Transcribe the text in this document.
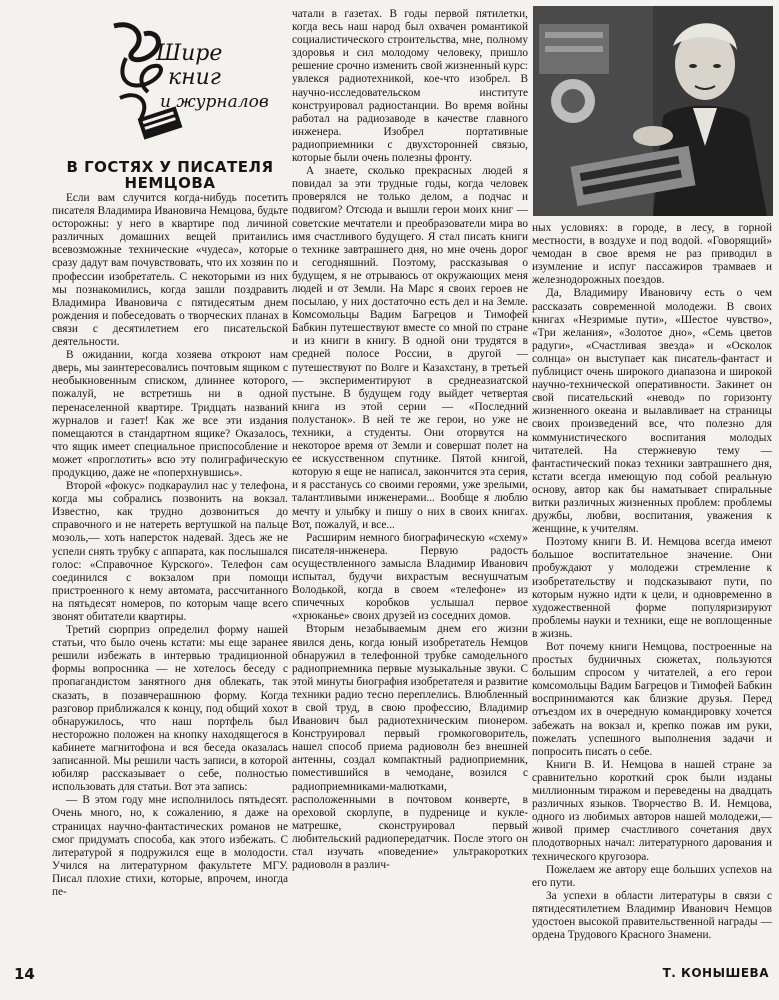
Шире
книг
и журналов
В ГОСТЯХ У ПИСАТЕЛЯ
НЕМЦОВА

Если вам случится когда-нибудь посетить писателя Владимира Ивановича Немцова, будьте осторожны: у него в квартире под личиной различных домашних вещей притаились всевозможные технические «чудеса», которые сразу дадут вам почувствовать, что их хозяин по профессии изобретатель. С некоторыми из них мы познакомились, когда зашли поздравить Владимира Ивановича с пятидесятым днем рождения и побеседовать о творческих планах в связи с десятилетием его писательской деятельности.

В ожидании, когда хозяева откроют нам дверь, мы заинтересовались почтовым ящиком с необыкновенным списком, длиннее которого, пожалуй, не встретишь ни в одной перенаселенной квартире. Тридцать названий журналов и газет! Как же все эти издания помещаются в стандартном ящике? Оказалось, что ящик имеет специальное приспособление и может «проглотить» всю эту полиграфическую продукцию, даже не «поперхнувшись».

Второй «фокус» подкараулил нас у телефона, когда мы собрались позвонить на вокзал. Известно, как трудно дозвониться до справочного и не натереть вертушкой на пальце мозоль,— хоть наперсток надевай. Здесь же не успели снять трубку с аппарата, как послышался голос: «Справочное Курского». Телефон сам соединился с вокзалом при помощи пристроенного к нему автомата, рассчитанного на пятьдесят номеров, по которым чаще всего звонят обитатели квартиры.

Третий сюрприз определил форму нашей статьи, что было очень кстати: мы еще заранее решили избежать в интервью традиционной формы вопросника — не хотелось беседу с пропагандистом занятного дня облекать, так сказать, в позавчерашнюю форму. Когда разговор приближался к концу, под общий хохот обнаружилось, что наш портфель был несторожно положен на кнопку находящегося в кабинете магнитофона и вся беседа оказалась записанной. Мы решили часть записи, в которой юбиляр рассказывает о себе, полностью использовать для статьи. Вот эта запись:

— В этом году мне исполнилось пятьдесят. Очень много, но, к сожалению, я даже на страницах научно-фантастических романов не смог придумать способа, как этого избежать. С литературой я подружился еще в молодости. Учился на литературном факультете МГУ. Писал плохие стихи, которые, впрочем, иногда пе-

чатали в газетах. В годы первой пятилетки, когда весь наш народ был охвачен романтикой социалистического строительства, мне, полному здоровья и сил молодому человеку, пришло решение срочно изменить свой жизненный курс: увлекся радиотехникой, кое-что изобрел. В научно-исследовательском институте конструировал радиостанции. Во время войны работал на радиозаводе в качестве главного инженера. Изобрел портативные радиоприемники с двухсторонней связью, которые были очень полезны фронту.

А знаете, сколько прекрасных людей я повидал за эти трудные годы, когда человек проверялся не только делом, а подчас и подвигом? Отсюда и вышли герои моих книг — советские мечтатели и преобразователи мира во имя счастливого будущего. Я стал писать книги о технике завтрашнего дня, но мне очень дорог и сегодняшний. Поэтому, рассказывая о будущем, я не отрываюсь от окружающих меня людей и от Земли. На Марс я своих героев не посылаю, у них достаточно есть дел и на Земле. Комсомольцы Вадим Багрецов и Тимофей Бабкин путешествуют вместе со мной по стране и из книги в книгу. В одной они трудятся в средней полосе России, в другой — путешествуют по Волге и Казахстану, в третьей — экспериментируют в среднеазиатской пустыне. В будущем году выйдет четвертая книга из этой серии — «Последний полустанок». В ней те же герои, но уже не техники, а студенты. Они оторвутся на некоторое время от Земли и совершат полет на ее искусственном спутнике. Пятой книгой, которую я еще не написал, закончится эта серия, и я расстанусь со своими героями, уже зрелыми, талантливыми инженерами... Вообще я люблю мечту и улыбку и пишу о них в своих книгах. Вот, пожалуй, и все...

Расширим немного биографическую «схему» писателя-инженера. Первую радость осуществленного замысла Владимир Иванович испытал, будучи вихрастым веснушчатым Володькой, когда в своем «телефоне» из спичечных коробков услышал первое «хрюканье» своих друзей из соседних домов.

Вторым незабываемым днем его жизни явился день, когда юный изобретатель Немцов обнаружил в телефонной трубке самодельного радиоприемника первые музыкальные звуки. С этой минуты биография изобретателя и развитие техники радио тесно переплелись. Влюбленный в свой труд, в свою профессию, Владимир Иванович был радиотехническим пионером. Конструировал первый громкоговоритель, нашел способ приема радиоволн без внешней антенны, создал компактный радиоприемник, поместившийся в чемодане, возился с радиоприемниками-малютками, расположенными в почтовом конверте, в ореховой скорлупе, в пудренице и кукле-матрешке, сконструировал первый любительский радиопередатчик. После этого он стал изучать «поведение» ультракоротких радиоволн в различ-

ных условиях: в городе, в лесу, в горной местности, в воздухе и под водой. «Говорящий» чемодан в свое время не раз приводил в изумление и испуг пассажиров трамваев и железнодорожных поездов.

Да, Владимиру Ивановичу есть о чем рассказать современной молодежи. В своих книгах «Незримые пути», «Шестое чувство», «Три желания», «Золотое дно», «Семь цветов радуги», «Счастливая звезда» и «Осколок солнца» он выступает как писатель-фантаст и публицист очень широкого диапазона и широкой научно-технической оперативности. Закинет он свой писательский «невод» по горизонту жизненного океана и вылавливает на страницы своих произведений все, что полезно для коммунистического воспитания молодых читателей. На стержневую тему — фантастический показ техники завтрашнего дня, кстати всегда имеющую под собой реальную основу, автор как бы наматывает спиральные витки различных жизненных проблем: проблемы дружбы, любви, воспитания, уважения к женщине, к учителям.

Поэтому книги В. И. Немцова всегда имеют большое воспитательное значение. Они пробуждают у молодежи стремление к изобретательству и подсказывают пути, по которым нужно идти к цели, и одновременно в художественной форме популяризируют проблемы науки и техники, еще не воплощенные в жизнь.

Вот почему книги Немцова, построенные на простых будничных сюжетах, пользуются большим спросом у читателей, а его герои комсомольцы Вадим Багрецов и Тимофей Бабкин воспринимаются как близкие друзья. Перед отъездом их в очередную командировку хочется забежать на вокзал и, крепко пожав им руки, пожелать успешного выполнения задачи и попросить писать о себе.

Книги В. И. Немцова в нашей стране за сравнительно короткий срок были изданы миллионным тиражом и переведены на двадцать различных языков. Творчество В. И. Немцова, одного из любимых авторов нашей молодежи,— живой пример счастливого сочетания двух плодотворных начал: литературного дарования и технического кругозора.

Пожелаем же автору еще больших успехов на его пути.

За успехи в области литературы в связи с пятидесятилетием Владимир Иванович Немцов удостоен высокой правительственной награды — ордена Трудового Красного Знамени.

14	Т. КОНЫШЕВА
